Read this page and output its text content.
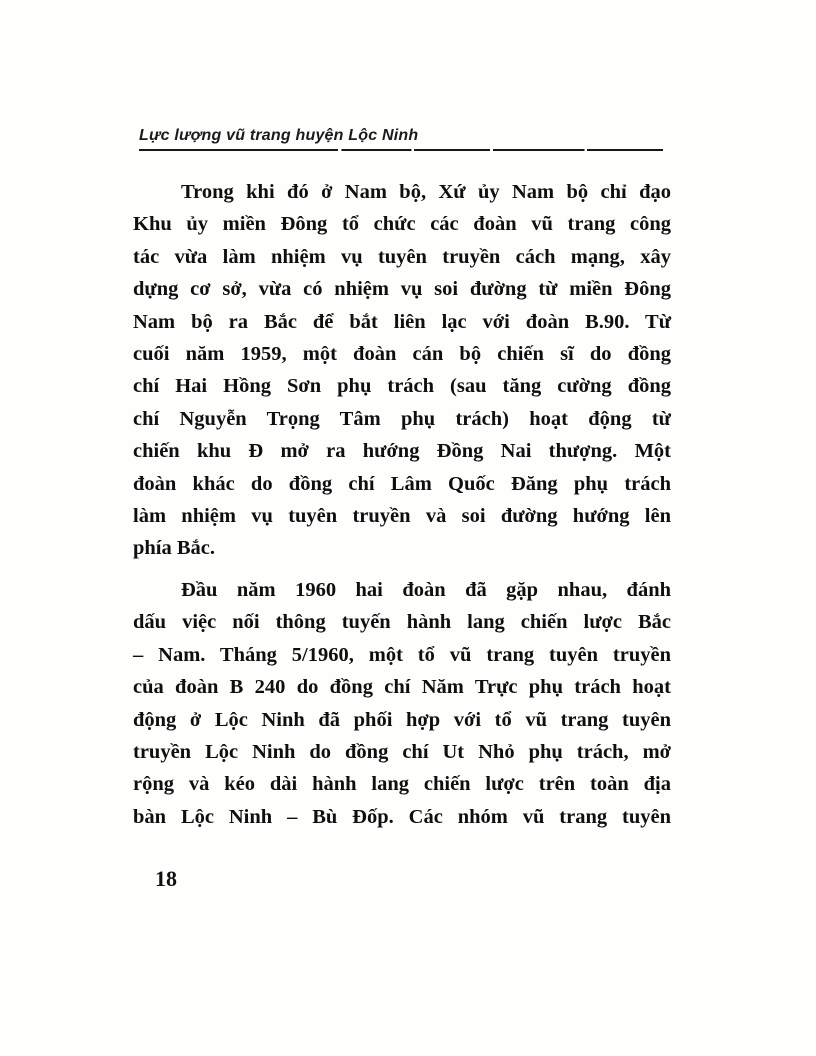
Lực lượng vũ trang huyện Lộc Ninh
Trong khi đó ở Nam bộ, Xứ ủy Nam bộ chỉ đạo
Khu ủy miền Đông tổ chức các đoàn vũ trang công
tác vừa làm nhiệm vụ tuyên truyền cách mạng, xây
dựng cơ sở, vừa có nhiệm vụ soi đường từ miền Đông
Nam bộ ra Bắc để bắt liên lạc với đoàn B.90. Từ
cuối năm 1959, một đoàn cán bộ chiến sĩ do đồng
chí Hai Hồng Sơn phụ trách (sau tăng cường đồng
chí Nguyễn Trọng Tâm phụ trách) hoạt động từ
chiến khu Đ mở ra hướng Đồng Nai thượng. Một
đoàn khác do đồng chí Lâm Quốc Đăng phụ trách
làm nhiệm vụ tuyên truyền và soi đường hướng lên
phía Bắc.
Đầu năm 1960 hai đoàn đã gặp nhau, đánh
dấu việc nối thông tuyến hành lang chiến lược Bắc
– Nam. Tháng 5/1960, một tổ vũ trang tuyên truyền
của đoàn B 240 do đồng chí Năm Trực phụ trách hoạt
động ở Lộc Ninh đã phối hợp với tổ vũ trang tuyên
truyền Lộc Ninh do đồng chí Ut Nhỏ phụ trách, mở
rộng và kéo dài hành lang chiến lược trên toàn địa
bàn Lộc Ninh – Bù Đốp. Các nhóm vũ trang tuyên
18
